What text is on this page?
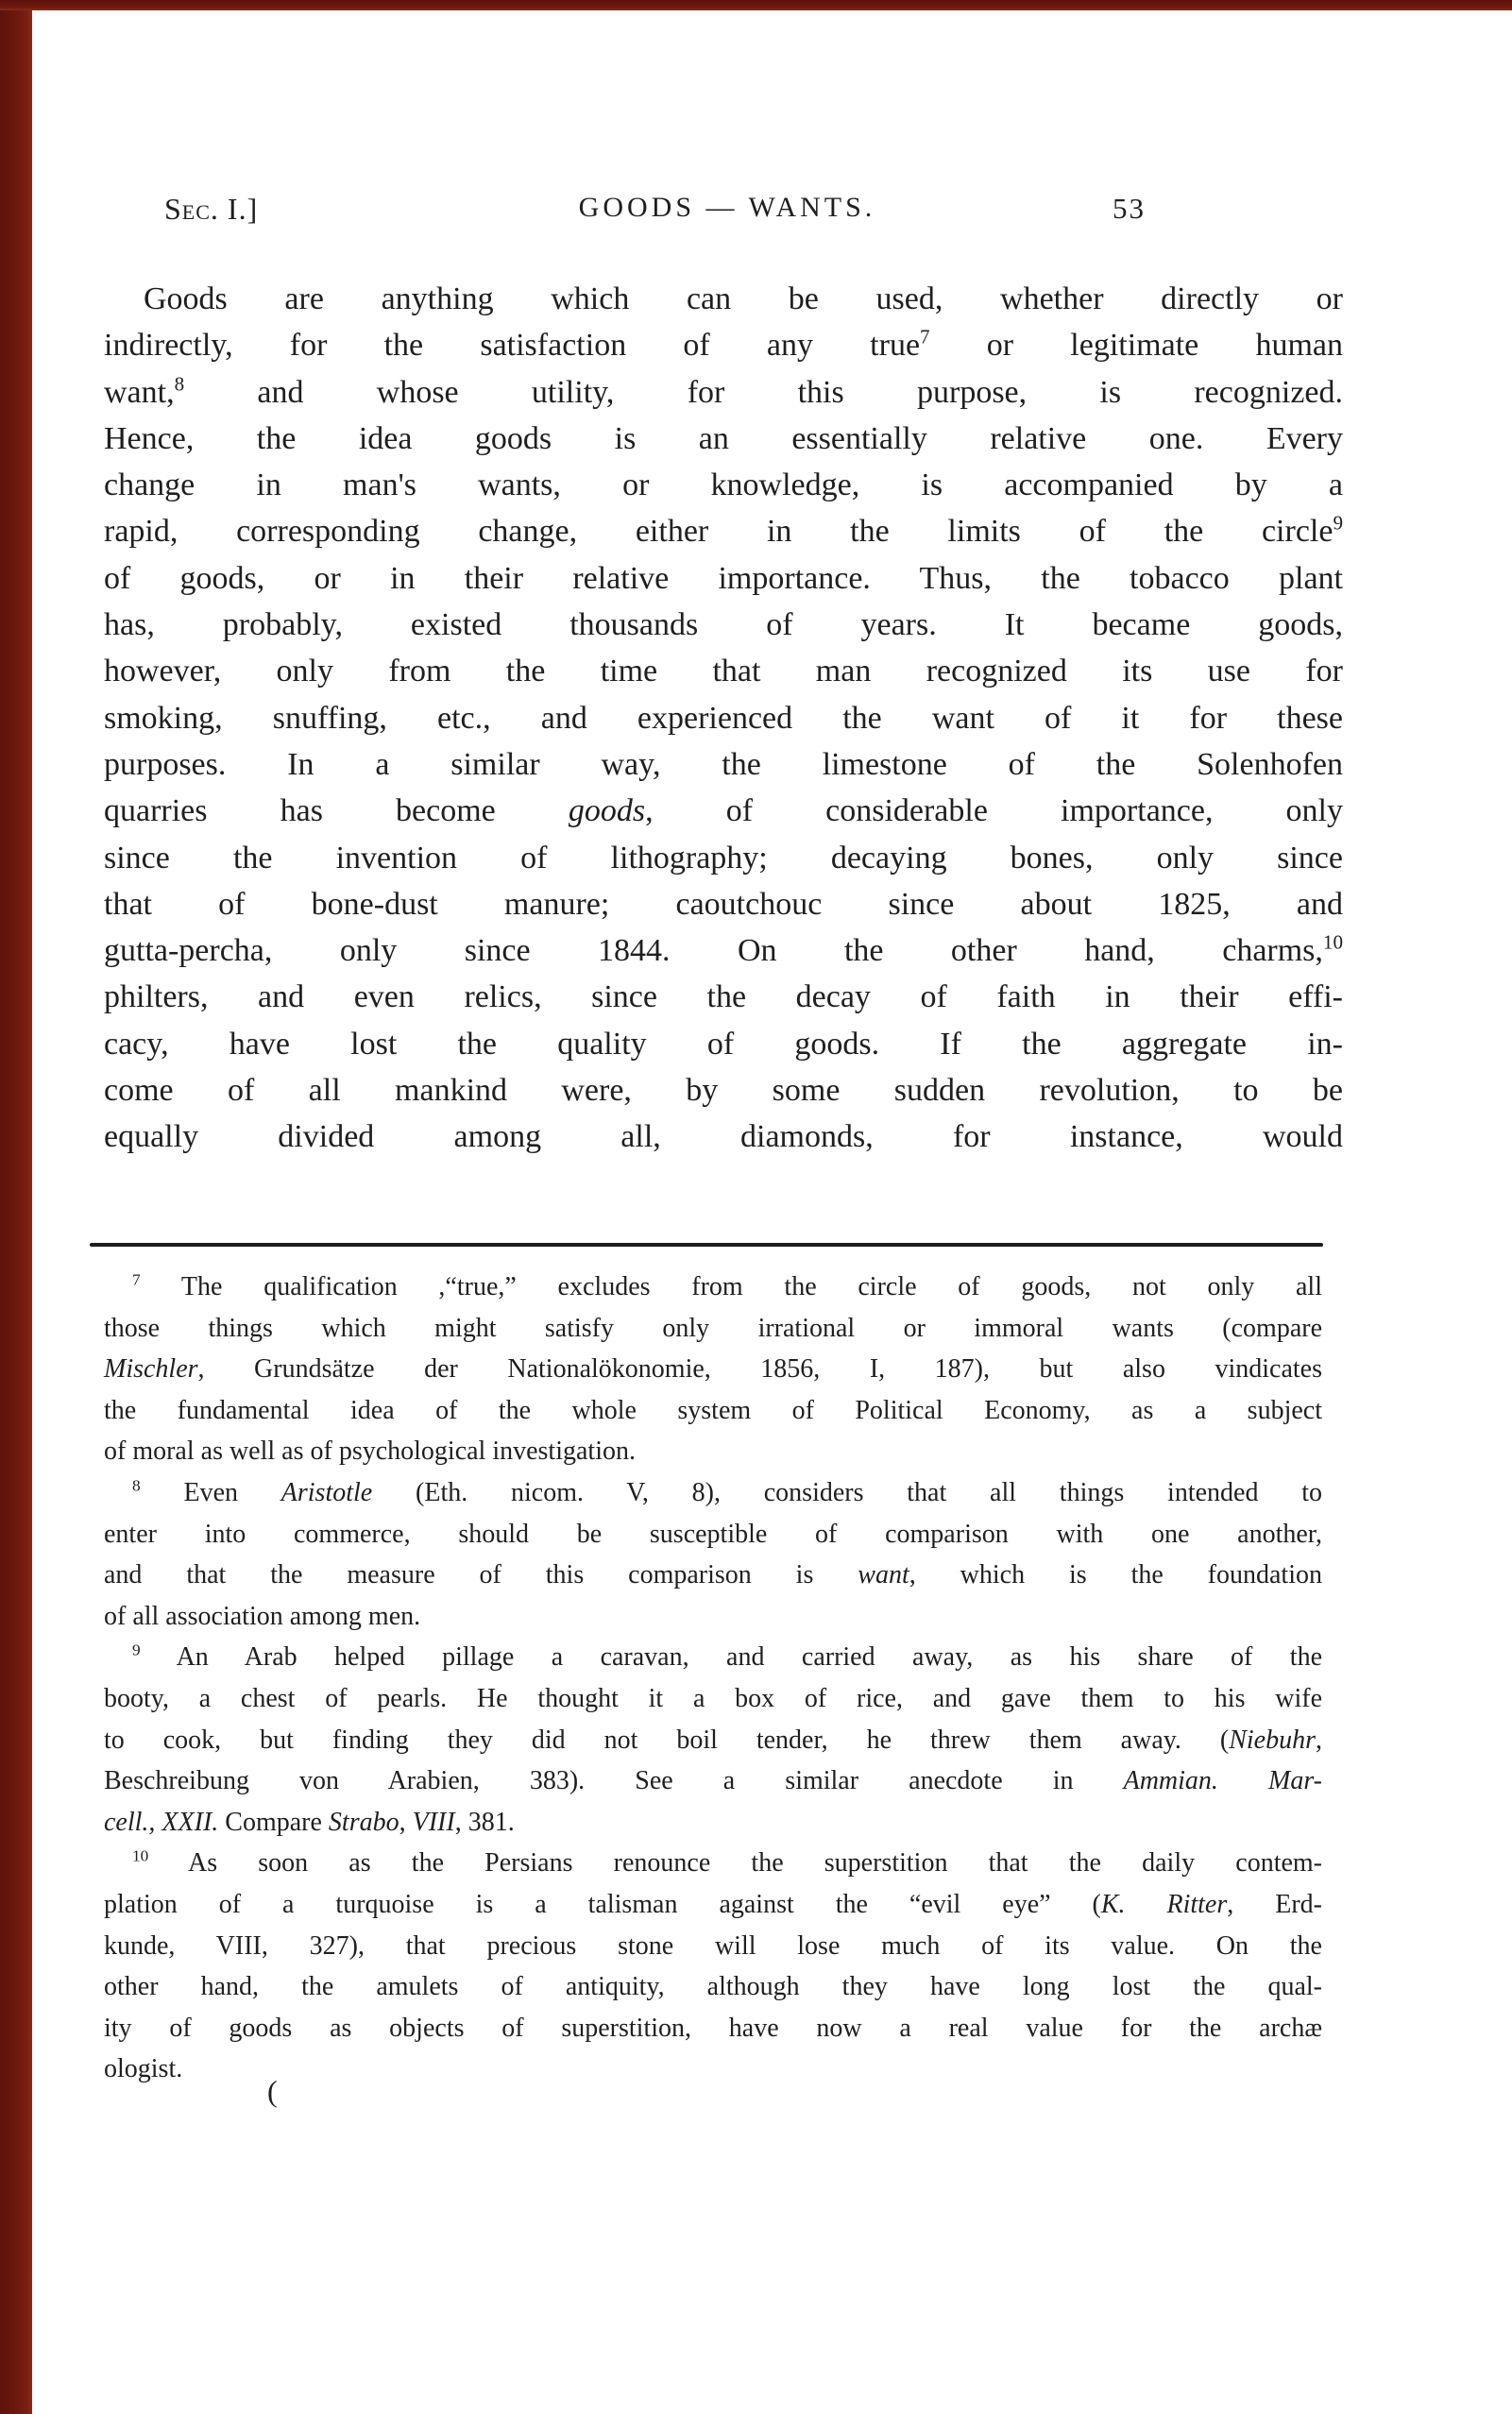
Sec. I.]	GOODS — WANTS.	53
Goods are anything which can be used, whether directly or
indirectly, for the satisfaction of any true$^7$ or legitimate human
want,$^8$ and whose utility, for this purpose, is recognized.
Hence, the idea goods is an essentially relative one. Every
change in man's wants, or knowledge, is accompanied by a
rapid, corresponding change, either in the limits of the circle$^9$
of goods, or in their relative importance. Thus, the tobacco plant
has, probably, existed thousands of years. It became goods,
however, only from the time that man recognized its use for
smoking, snuffing, etc., and experienced the want of it for these
purposes. In a similar way, the limestone of the Solenhofen
quarries has become goods, of considerable importance, only
since the invention of lithography; decaying bones, only since
that of bone-dust manure; caoutchouc since about 1825, and
gutta-percha, only since 1844. On the other hand, charms,$^{10}$
philters, and even relics, since the decay of faith in their effi-
cacy, have lost the quality of goods. If the aggregate in-
come of all mankind were, by some sudden revolution, to be
equally divided among all, diamonds, for instance, would
$^7$ The qualification ,“true,” excludes from the circle of goods, not only all
those things which might satisfy only irrational or immoral wants (compare
Mischler, Grundsätze der Nationalökonomie, 1856, I, 187), but also vindicates
the fundamental idea of the whole system of Political Economy, as a subject
of moral as well as of psychological investigation.
$^8$ Even Aristotle (Eth. nicom. V, 8), considers that all things intended to
enter into commerce, should be susceptible of comparison with one another,
and that the measure of this comparison is want, which is the foundation
of all association among men.
$^9$ An Arab helped pillage a caravan, and carried away, as his share of the
booty, a chest of pearls. He thought it a box of rice, and gave them to his wife
to cook, but finding they did not boil tender, he threw them away. (Niebuhr,
Beschreibung von Arabien, 383). See a similar anecdote in Ammian. Mar-
cell., XXII. Compare Strabo, VIII, 381.
$^{10}$ As soon as the Persians renounce the superstition that the daily contem-
plation of a turquoise is a talisman against the “evil eye” (K. Ritter, Erd-
kunde, VIII, 327), that precious stone will lose much of its value. On the
other hand, the amulets of antiquity, although they have long lost the qual-
ity of goods as objects of superstition, have now a real value for the archæ
ologist.
(
